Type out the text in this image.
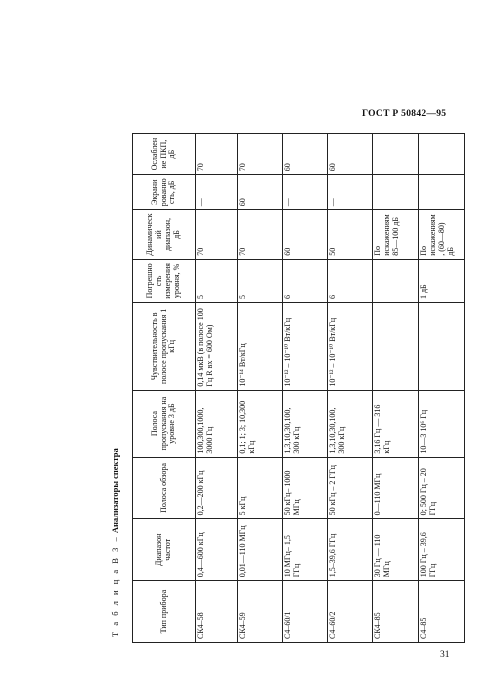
ГОСТ Р 50842—95
Т а б л и ц а В 3 – Анализаторы спектра
Тип прибора	Диапазон частот	Полоса обзора	Полоса пропускания на уровне 3 дБ	Чувствительность в полосе пропускания 1 кГц	Погрешность измерения уровня, %	Динамический диапазон, дБ	Экранированность, дБ	Ослабление ПКП, дБ
СК4–58	0,4—600 кГц	0,2—200 кГц	100,300,1000, 3000 Гц	0,14 мкВ (в полосе 100 Гц R вх = 600 Ом)	5	70	—	70
СК4–59	0,01—110 МГц	5 кГц	0,1; 1; 3; 10,300 кГц	10⁻¹⁴ Вт/кГц	5	70	60	70
С4–60/1	10 МГц– 1,5 ГГц	50 кГц– 1000 МГц	1,3,10,30,100, 300 кГц	10⁻¹² – 10⁻¹⁰ Вт/кГц	6	60	—	60
С4–60/2	1,5–39,6 ГГц	50 кГц – 2 ГГц	1,3,10,30,100, 300 кГц	10⁻¹² – 10⁻¹⁰ Вт/кГц	6	50	—	60
СК4–85	30 Гц — 110 МГц	0—110 МГц	3,16 Гц — 316 кГц			По искажениям 85—100 дБ		
С4–85	100 Гц – 39,6 ГГц	0; 500 Гц – 20 ГГц	10—3 10⁶ Гц		1 дБ	По искажениям, (60—80) дБ		
31
